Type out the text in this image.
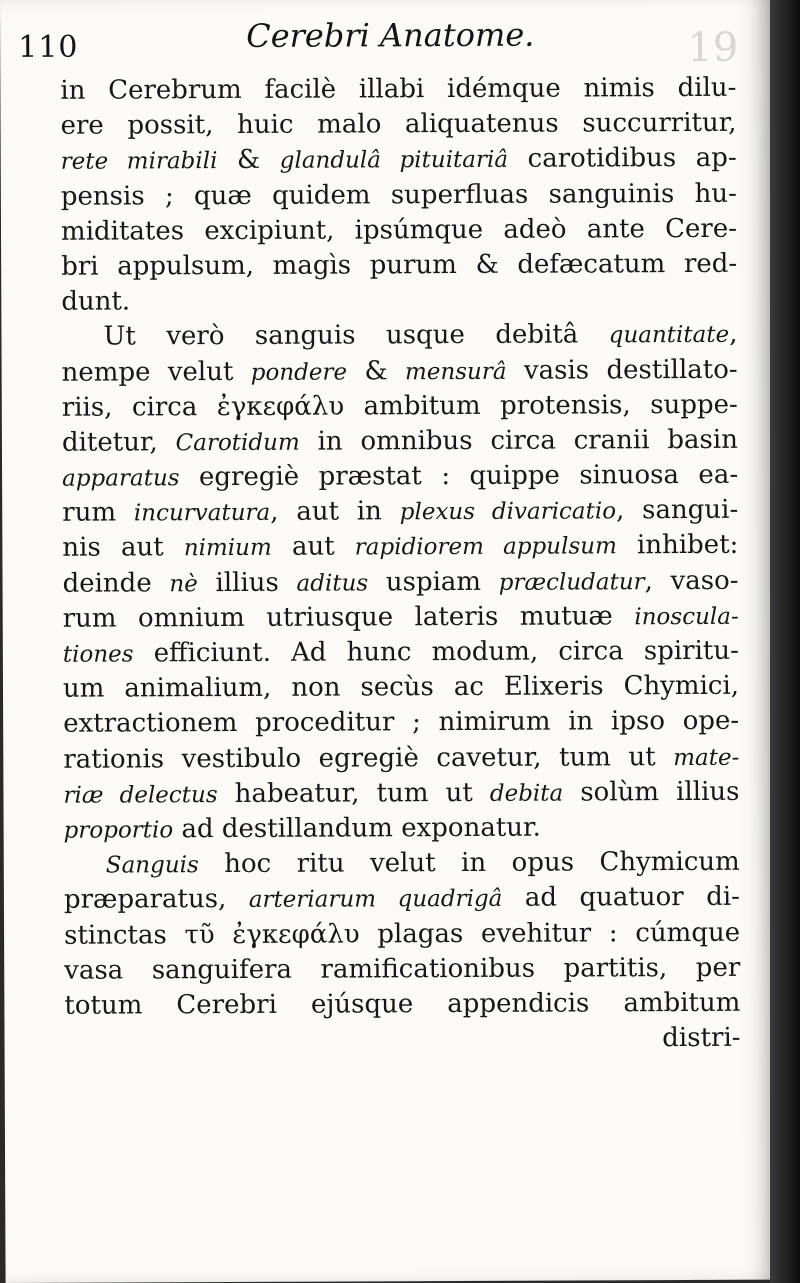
110	Cerebri Anatome.	19
in Cerebrum facilè illabi idémque nimis dilu-
ere possit, huic malo aliquatenus succurritur,
rete mirabili & glandulâ pituitariâ carotidibus ap-
pensis ; quæ quidem superfluas sanguinis hu-
miditates excipiunt, ipsúmque adeò ante Cere-
bri appulsum, magìs purum & defæcatum red-
dunt.
Ut verò sanguis usque debitâ quantitate,
nempe velut pondere & mensurâ vasis destillato-
riis, circa ἐγκεφάλυ ambitum protensis, suppe-
ditetur, Carotidum in omnibus circa cranii basin
apparatus egregiè præstat : quippe sinuosa ea-
rum incurvatura, aut in plexus divaricatio, sangui-
nis aut nimium aut rapidiorem appulsum inhibet:
deinde nè illius aditus uspiam præcludatur, vaso-
rum omnium utriusque lateris mutuæ inoscula-
tiones efficiunt. Ad hunc modum, circa spiritu-
um animalium, non secùs ac Elixeris Chymici,
extractionem proceditur ; nimirum in ipso ope-
rationis vestibulo egregiè cavetur, tum ut mate-
riæ delectus habeatur, tum ut debita solùm illius
proportio ad destillandum exponatur.
Sanguis hoc ritu velut in opus Chymicum
præparatus, arteriarum quadrigâ ad quatuor di-
stinctas τῦ ἐγκεφάλυ plagas evehitur : cúmque
vasa sanguifera ramificationibus partitis, per
totum Cerebri ejúsque appendicis ambitum
distri-
